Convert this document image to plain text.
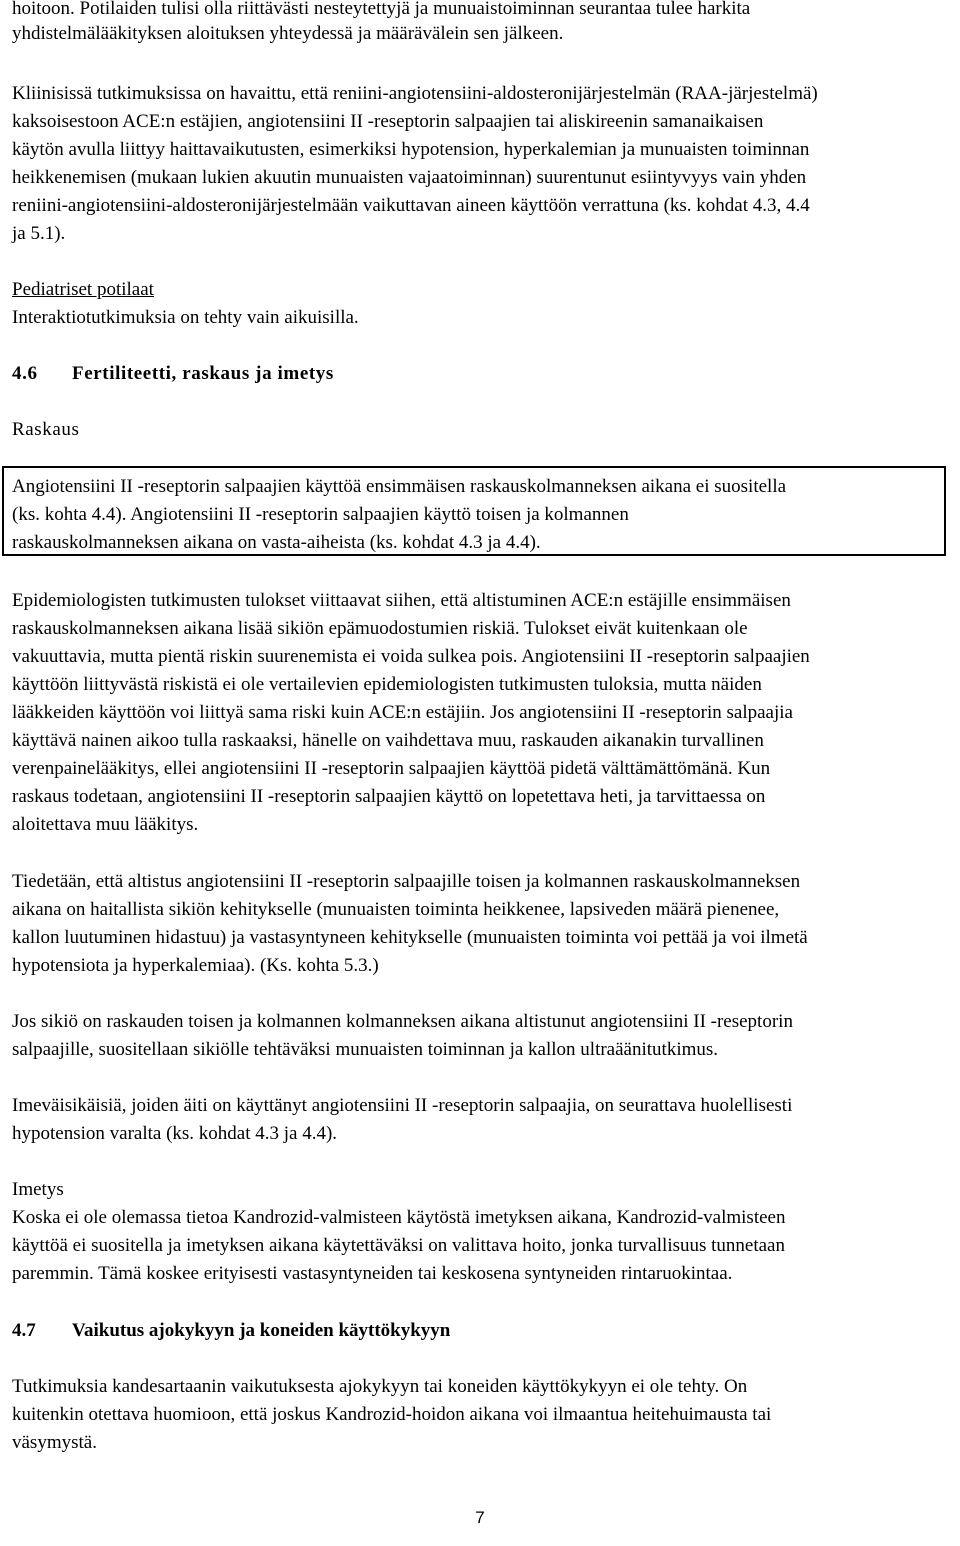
hoitoon. Potilaiden tulisi olla riittävästi nesteytettyjä ja munuaistoiminnan seurantaa tulee harkita
yhdistelmälääkityksen aloituksen yhteydessä ja määrävälein sen jälkeen.
Kliinisissä tutkimuksissa on havaittu, että reniini-angiotensiini-aldosteronijärjestelmän (RAA-järjestelmä)
kaksoisestoon ACE:n estäjien, angiotensiini II -reseptorin salpaajien tai aliskireenin samanaikaisen
käytön avulla liittyy haittavaikutusten, esimerkiksi hypotension, hyperkalemian ja munuaisten toiminnan
heikkenemisen (mukaan lukien akuutin munuaisten vajaatoiminnan) suurentunut esiintyvyys vain yhden
reniini-angiotensiini-aldosteronijärjestelmään vaikuttavan aineen käyttöön verrattuna (ks. kohdat 4.3, 4.4
ja 5.1).
Pediatriset potilaat
Interaktiotutkimuksia on tehty vain aikuisilla.
4.6 Fertiliteetti, raskaus ja imetys
Raskaus
Angiotensiini II -reseptorin salpaajien käyttöä ensimmäisen raskauskolmanneksen aikana ei suositella
(ks. kohta 4.4). Angiotensiini II -reseptorin salpaajien käyttö toisen ja kolmannen
raskauskolmanneksen aikana on vasta-aiheista (ks. kohdat 4.3 ja 4.4).
Epidemiologisten tutkimusten tulokset viittaavat siihen, että altistuminen ACE:n estäjille ensimmäisen
raskauskolmanneksen aikana lisää sikiön epämuodostumien riskiä. Tulokset eivät kuitenkaan ole
vakuuttavia, mutta pientä riskin suurenemista ei voida sulkea pois. Angiotensiini II -reseptorin salpaajien
käyttöön liittyvästä riskistä ei ole vertailevien epidemiologisten tutkimusten tuloksia, mutta näiden
lääkkeiden käyttöön voi liittyä sama riski kuin ACE:n estäjiin. Jos angiotensiini II -reseptorin salpaajia
käyttävä nainen aikoo tulla raskaaksi, hänelle on vaihdettava muu, raskauden aikanakin turvallinen
verenpainelääkitys, ellei angiotensiini II -reseptorin salpaajien käyttöä pidetä välttämättömänä. Kun
raskaus todetaan, angiotensiini II -reseptorin salpaajien käyttö on lopetettava heti, ja tarvittaessa on
aloitettava muu lääkitys.
Tiedetään, että altistus angiotensiini II -reseptorin salpaajille toisen ja kolmannen raskauskolmanneksen
aikana on haitallista sikiön kehitykselle (munuaisten toiminta heikkenee, lapsiveden määrä pienenee,
kallon luutuminen hidastuu) ja vastasyntyneen kehitykselle (munuaisten toiminta voi pettää ja voi ilmetä
hypotensiota ja hyperkalemiaa). (Ks. kohta 5.3.)
Jos sikiö on raskauden toisen ja kolmannen kolmanneksen aikana altistunut angiotensiini II -reseptorin
salpaajille, suositellaan sikiölle tehtäväksi munuaisten toiminnan ja kallon ultraäänitutkimus.
Imeväisikäisiä, joiden äiti on käyttänyt angiotensiini II -reseptorin salpaajia, on seurattava huolellisesti
hypotension varalta (ks. kohdat 4.3 ja 4.4).
Imetys
Koska ei ole olemassa tietoa Kandrozid-valmisteen käytöstä imetyksen aikana, Kandrozid-valmisteen
käyttöä ei suositella ja imetyksen aikana käytettäväksi on valittava hoito, jonka turvallisuus tunnetaan
paremmin. Tämä koskee erityisesti vastasyntyneiden tai keskosena syntyneiden rintaruokintaa.
4.7 Vaikutus ajokykyyn ja koneiden käyttökykyyn
Tutkimuksia kandesartaanin vaikutuksesta ajokykyyn tai koneiden käyttökykyyn ei ole tehty. On
kuitenkin otettava huomioon, että joskus Kandrozid-hoidon aikana voi ilmaantua heitehuimausta tai
väsymystä.
7
